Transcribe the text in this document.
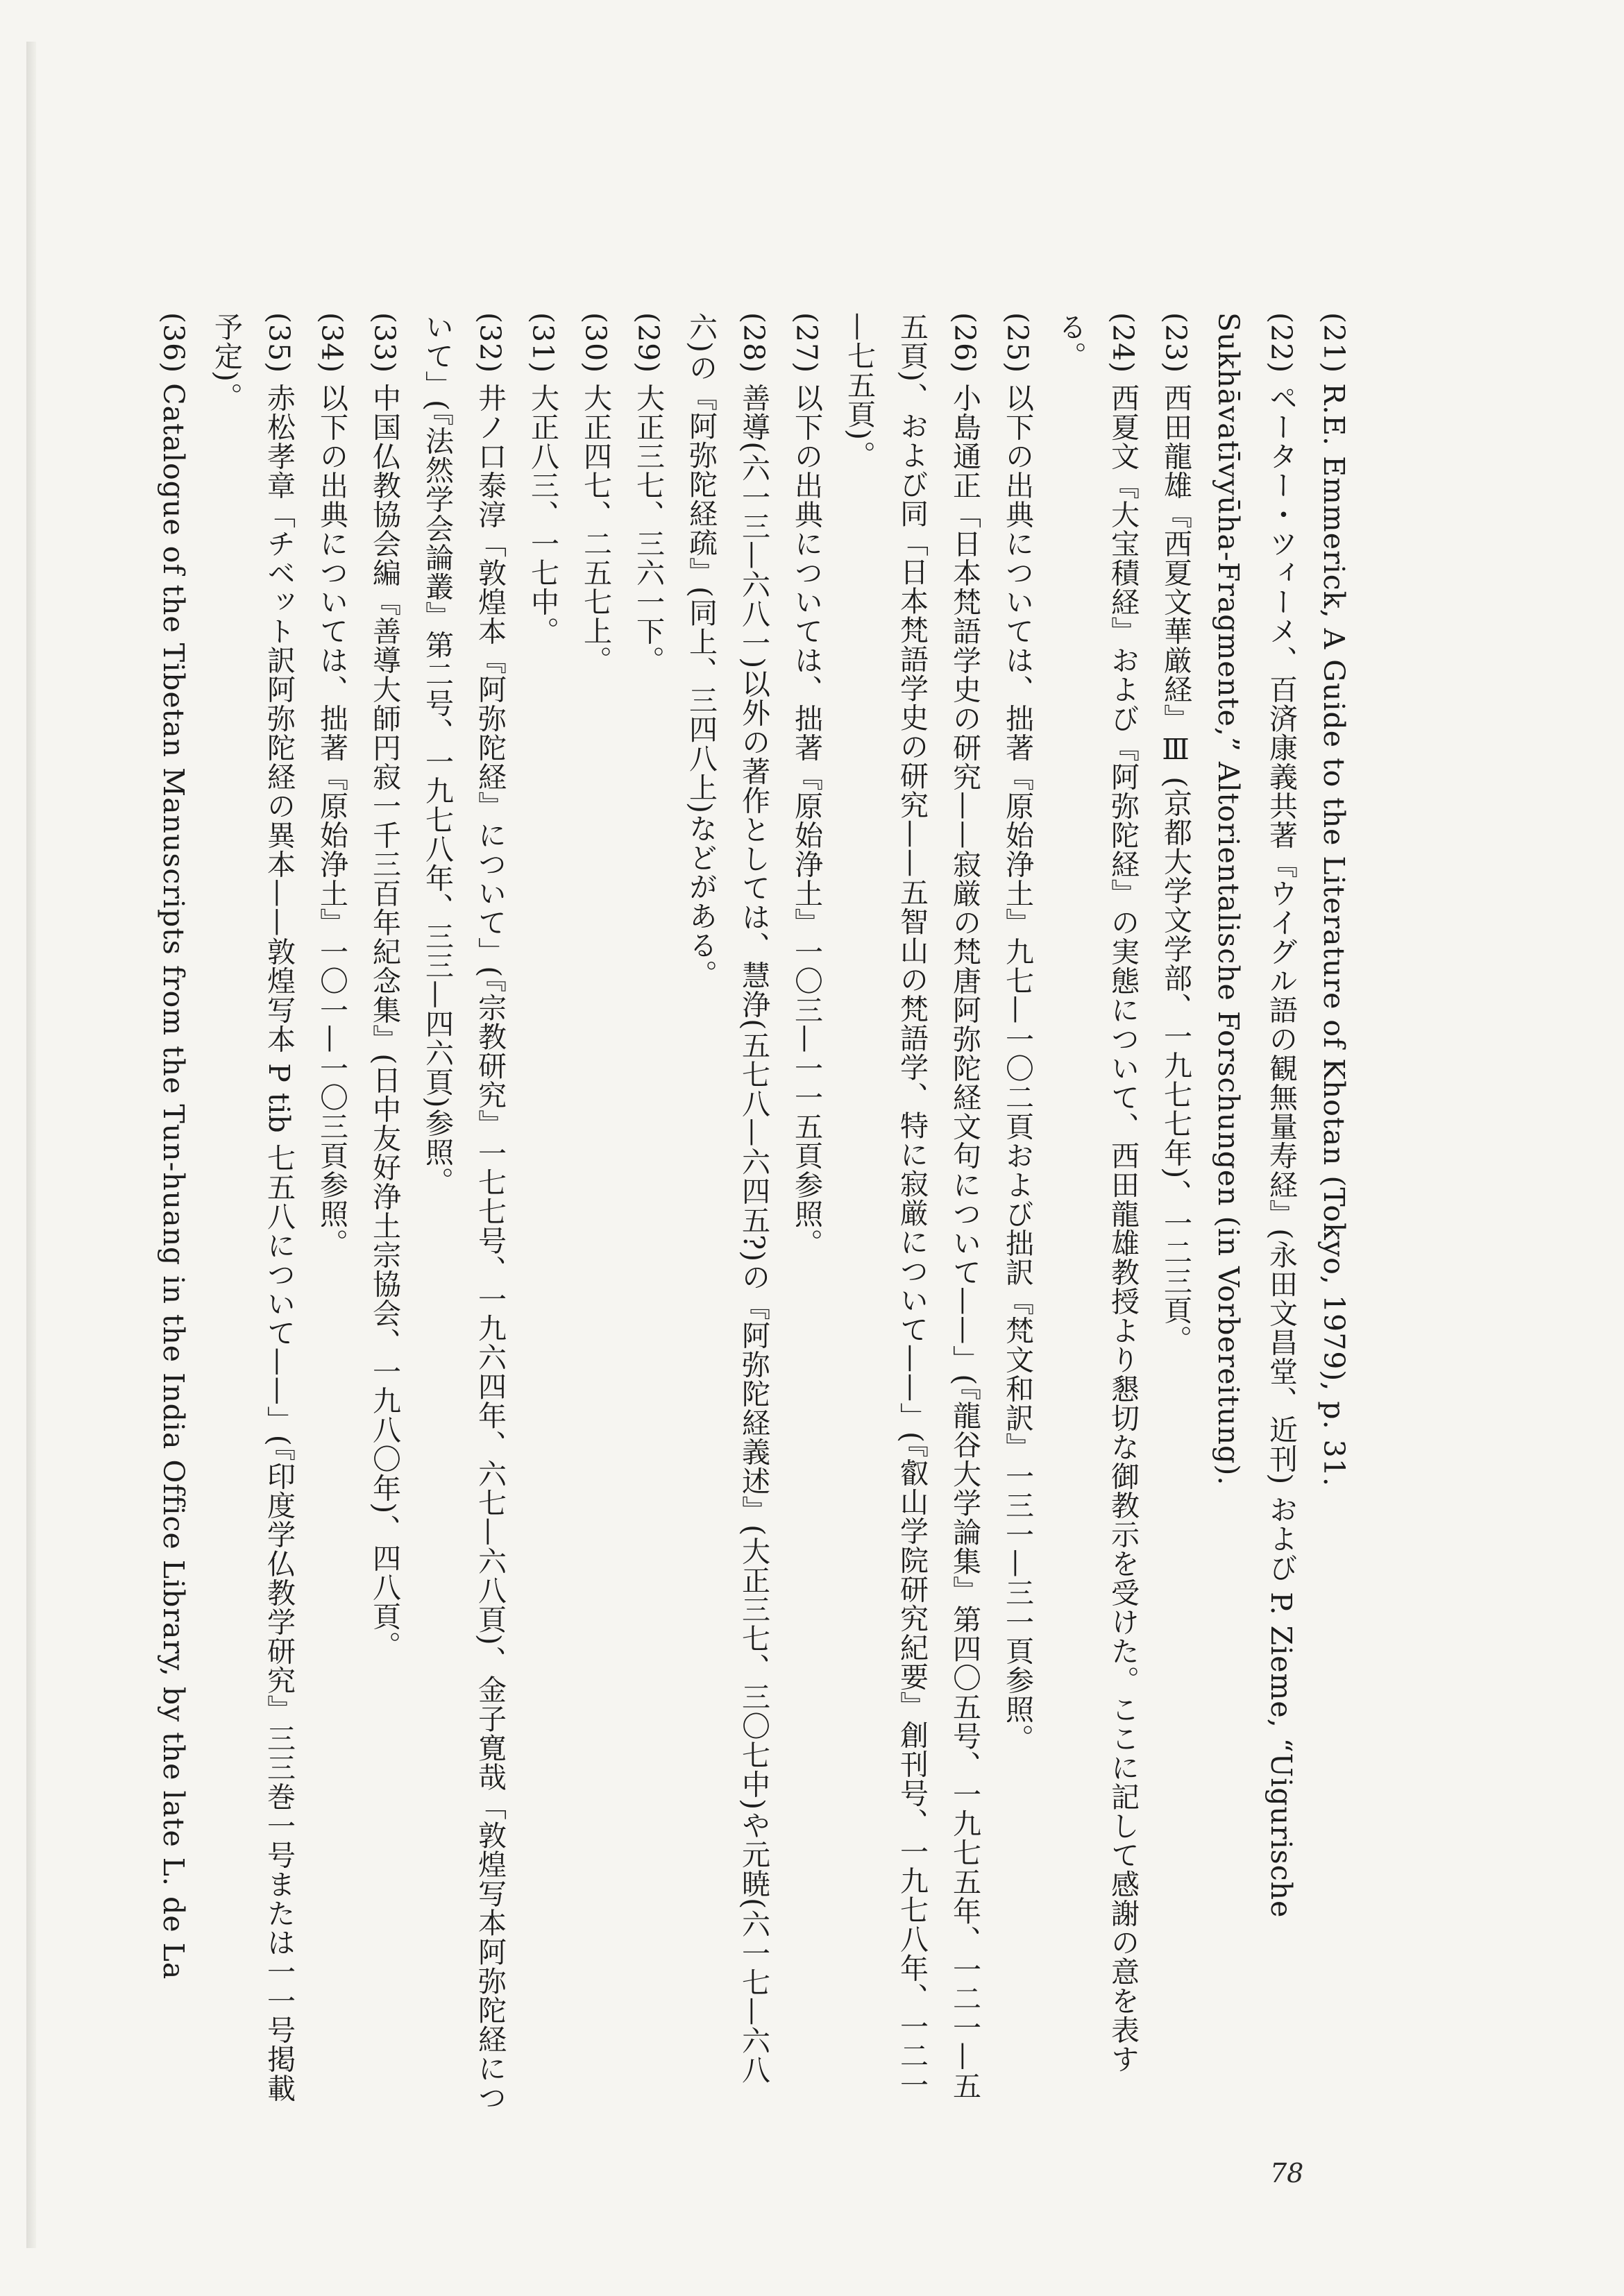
(21) R.E. Emmerick, A Guide to the Literature of Khotan (Tokyo, 1979), p. 31.

(22) ペーター・ツィーメ、百済康義共著『ウイグル語の観無量寿経』(永田文昌堂、近刊) および P. Zieme, “Uigurische Sukhāvatīvyūha-Fragmente,” Altorientalische Forschungen (in Vorbereitung).

(23) 西田龍雄『西夏文華厳経』Ⅲ (京都大学文学部、一九七七年)、一二三頁。

(24) 西夏文『大宝積経』および『阿弥陀経』の実態について、西田龍雄教授より懇切な御教示を受けた。ここに記して感謝の意を表する。

(25) 以下の出典については、拙著『原始浄土』九七—一〇二頁および拙訳『梵文和訳』一三一—三一頁参照。

(26) 小島通正「日本梵語学史の研究——寂厳の梵唐阿弥陀経文句について——」(『龍谷大学論集』第四〇五号、一九七五年、一二一—五五頁)、および同「日本梵語学史の研究——五智山の梵語学、特に寂厳について——」(『叡山学院研究紀要』創刊号、一九七八年、一二一—七五頁)。

(27) 以下の出典については、拙著『原始浄土』一〇三—一一五頁参照。

(28) 善導(六一三—六八一)以外の著作としては、慧浄(五七八—六四五?)の『阿弥陀経義述』(大正三七、三〇七中)や元暁(六一七—六八六)の『阿弥陀経疏』(同上、三四八上)などがある。

(29) 大正三七、三六一下。

(30) 大正四七、二五七上。

(31) 大正八三、一七中。

(32) 井ノ口泰淳「敦煌本『阿弥陀経』について」(『宗教研究』一七七号、一九六四年、六七—六八頁)、金子寛哉「敦煌写本阿弥陀経について」(『法然学会論叢』第二号、一九七八年、三三—四六頁)参照。

(33) 中国仏教協会編『善導大師円寂一千三百年紀念集』(日中友好浄土宗協会、一九八〇年)、四八頁。

(34) 以下の出典については、拙著『原始浄土』一〇一—一〇三頁参照。

(35) 赤松孝章「チベット訳阿弥陀経の異本——敦煌写本 P tib 七五八について——」(『印度学仏教学研究』三三巻一号または一一号掲載予定)。

(36) Catalogue of the Tibetan Manuscripts from the Tun-huang in the India Office Library, by the late L. de La

78
